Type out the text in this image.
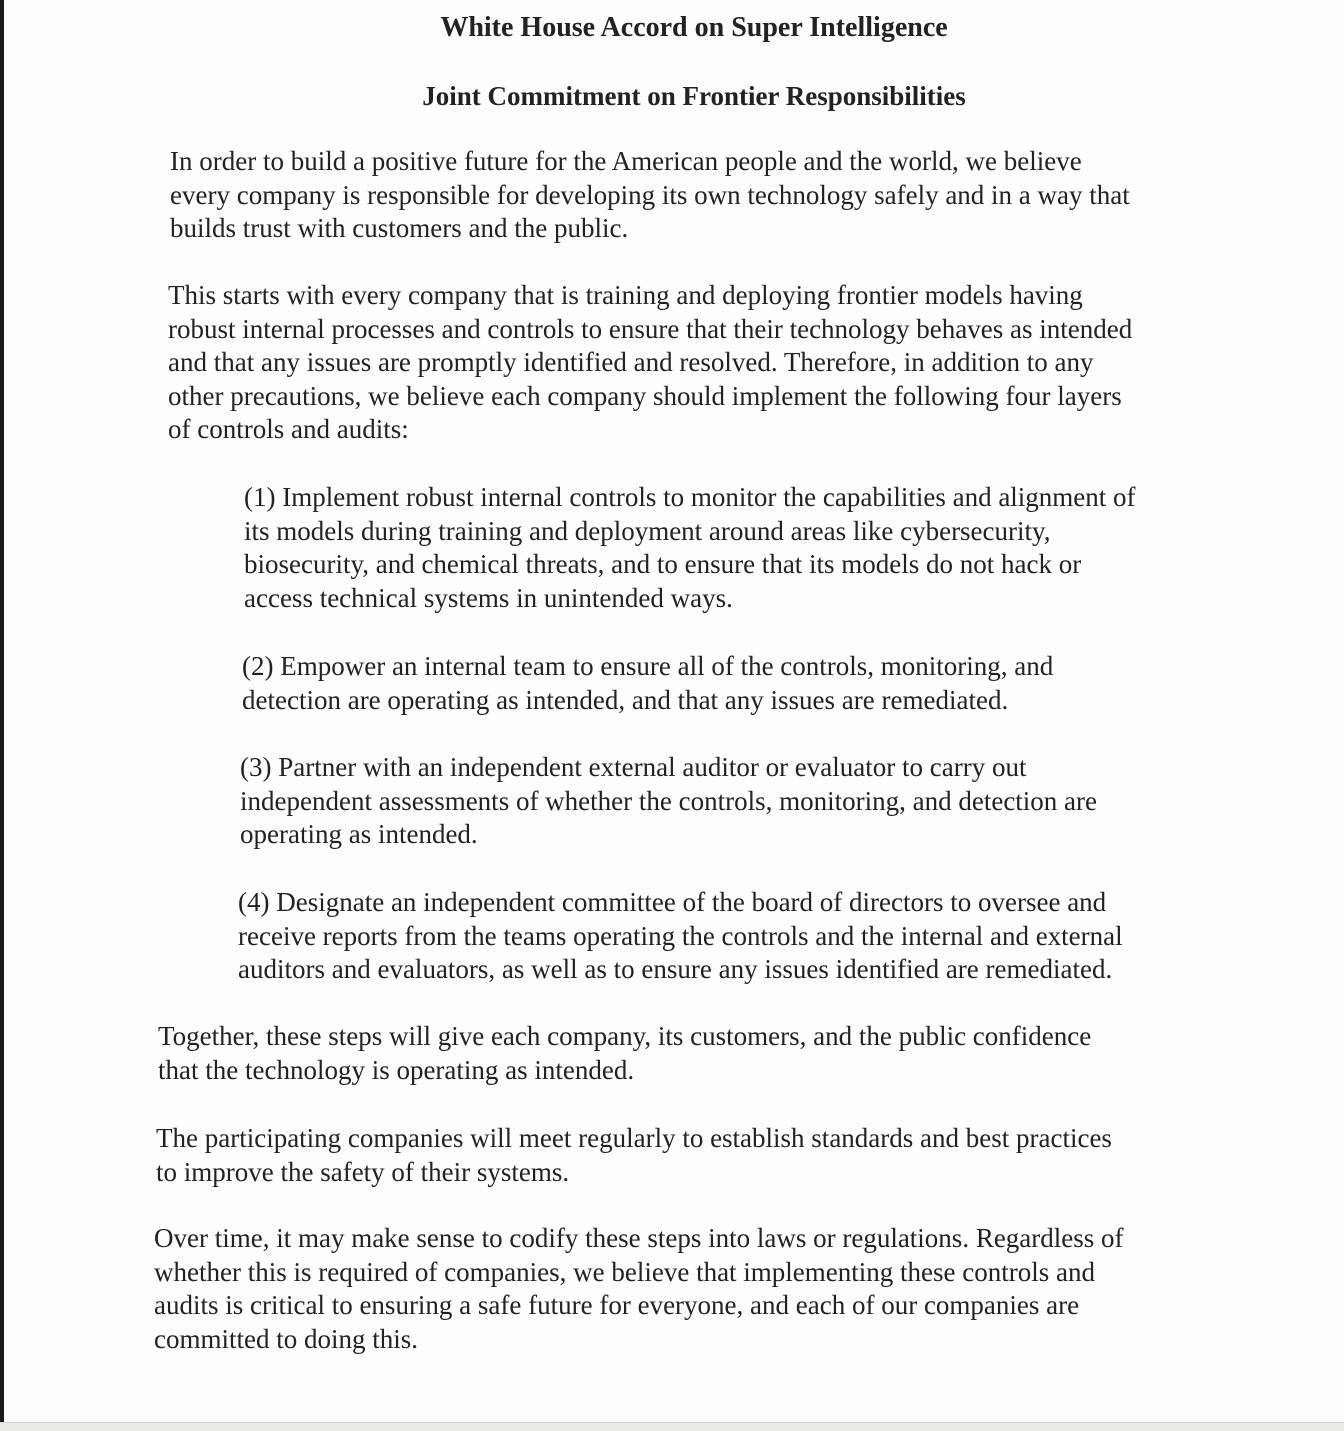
White House Accord on Super Intelligence
Joint Commitment on Frontier Responsibilities

In order to build a positive future for the American people and the world, we believe
every company is responsible for developing its own technology safely and in a way that
builds trust with customers and the public.

This starts with every company that is training and deploying frontier models having
robust internal processes and controls to ensure that their technology behaves as intended
and that any issues are promptly identified and resolved. Therefore, in addition to any
other precautions, we believe each company should implement the following four layers
of controls and audits:

(1) Implement robust internal controls to monitor the capabilities and alignment of
its models during training and deployment around areas like cybersecurity,
biosecurity, and chemical threats, and to ensure that its models do not hack or
access technical systems in unintended ways.

(2) Empower an internal team to ensure all of the controls, monitoring, and
detection are operating as intended, and that any issues are remediated.

(3) Partner with an independent external auditor or evaluator to carry out
independent assessments of whether the controls, monitoring, and detection are
operating as intended.

(4) Designate an independent committee of the board of directors to oversee and
receive reports from the teams operating the controls and the internal and external
auditors and evaluators, as well as to ensure any issues identified are remediated.

Together, these steps will give each company, its customers, and the public confidence
that the technology is operating as intended.

The participating companies will meet regularly to establish standards and best practices
to improve the safety of their systems.

Over time, it may make sense to codify these steps into laws or regulations. Regardless of
whether this is required of companies, we believe that implementing these controls and
audits is critical to ensuring a safe future for everyone, and each of our companies are
committed to doing this.
